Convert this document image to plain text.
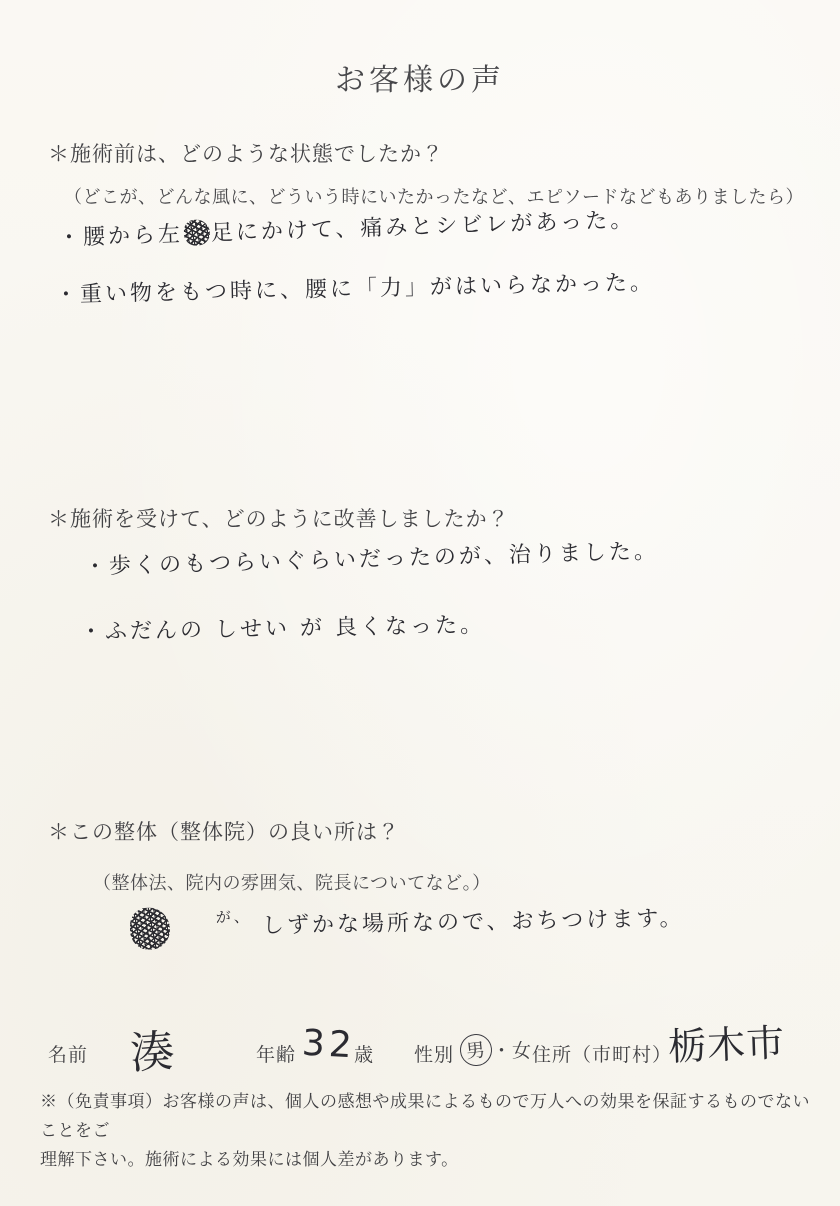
お客様の声
＊施術前は、どのような状態でしたか？
（どこが、どんな風に、どういう時にいたかったなど、エピソードなどもありましたら）
・腰から左 足にかけて、痛みとシビレがあった。
・重い物をもつ時に、腰に「力」がはいらなかった。
＊施術を受けて、どのように改善しましたか？
・歩くのもつらいぐらいだったのが、治りました。
・ふだんの しせい が 良くなった。
＊この整体（整体院）の良い所は？
（整体法、院内の雰囲気、院長についてなど。）
$^{が、}$ しずかな場所なので、おちつけます。
名前 湊	年齢 32
歳 性別 男 ・女 住所（市町村）
栃木市
※（免責事項）お客様の声は、個人の感想や成果によるもので万人への効果を保証するものでないことをご
理解下さい。施術による効果には個人差があります。
